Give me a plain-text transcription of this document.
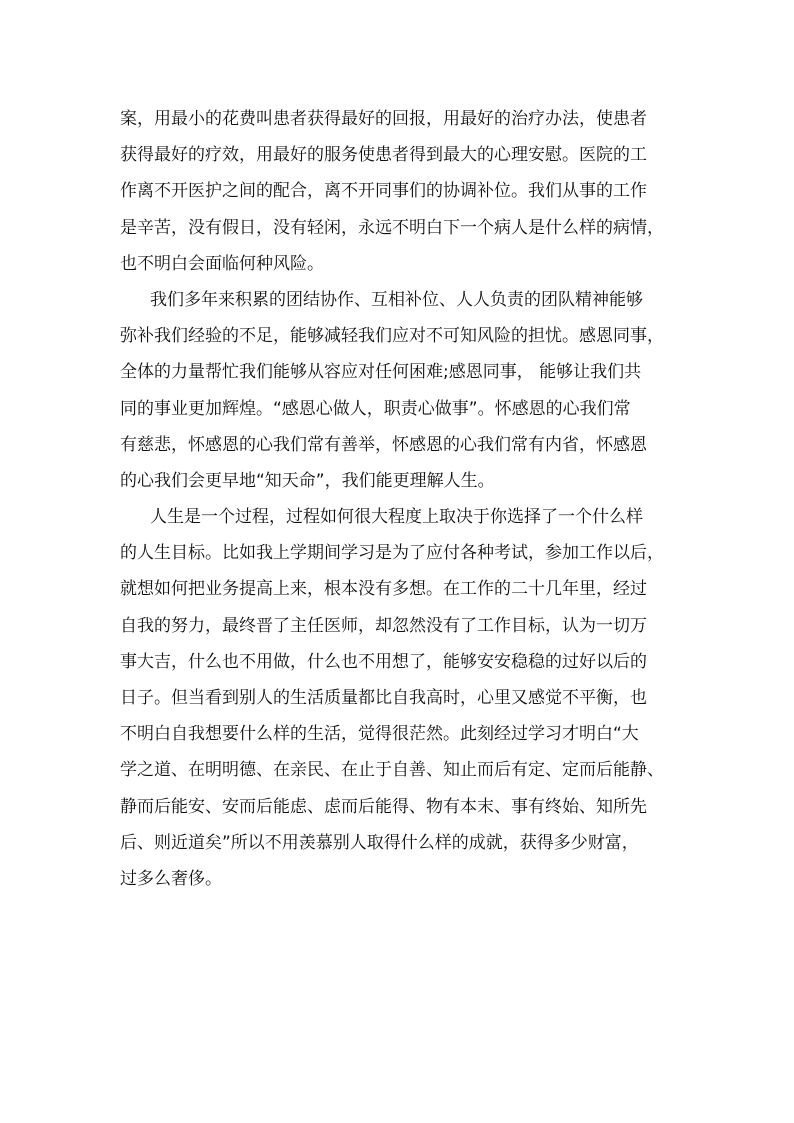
案，用最小的花费叫患者获得最好的回报，用最好的治疗办法，使患者
获得最好的疗效，用最好的服务使患者得到最大的心理安慰。医院的工
作离不开医护之间的配合，离不开同事们的协调补位。我们从事的工作
是辛苦，没有假日，没有轻闲，永远不明白下一个病人是什么样的病情，
也不明白会面临何种风险。
我们多年来积累的团结协作、互相补位、人人负责的团队精神能够
弥补我们经验的不足，能够减轻我们应对不可知风险的担忧。感恩同事，
全体的力量帮忙我们能够从容应对任何困难;感恩同事， 能够让我们共
同的事业更加辉煌。“感恩心做人，职责心做事”。怀感恩的心我们常
有慈悲，怀感恩的心我们常有善举，怀感恩的心我们常有内省，怀感恩
的心我们会更早地“知天命”，我们能更理解人生。
人生是一个过程，过程如何很大程度上取决于你选择了一个什么样
的人生目标。比如我上学期间学习是为了应付各种考试，参加工作以后，
就想如何把业务提高上来，根本没有多想。在工作的二十几年里，经过
自我的努力，最终晋了主任医师，却忽然没有了工作目标，认为一切万
事大吉，什么也不用做，什么也不用想了，能够安安稳稳的过好以后的
日子。但当看到别人的生活质量都比自我高时，心里又感觉不平衡，也
不明白自我想要什么样的生活，觉得很茫然。此刻经过学习才明白“大
学之道、在明明德、在亲民、在止于自善、知止而后有定、定而后能静、
静而后能安、安而后能虑、虑而后能得、物有本末、事有终始、知所先
后、则近道矣”所以不用羡慕别人取得什么样的成就，获得多少财富，
过多么奢侈。
